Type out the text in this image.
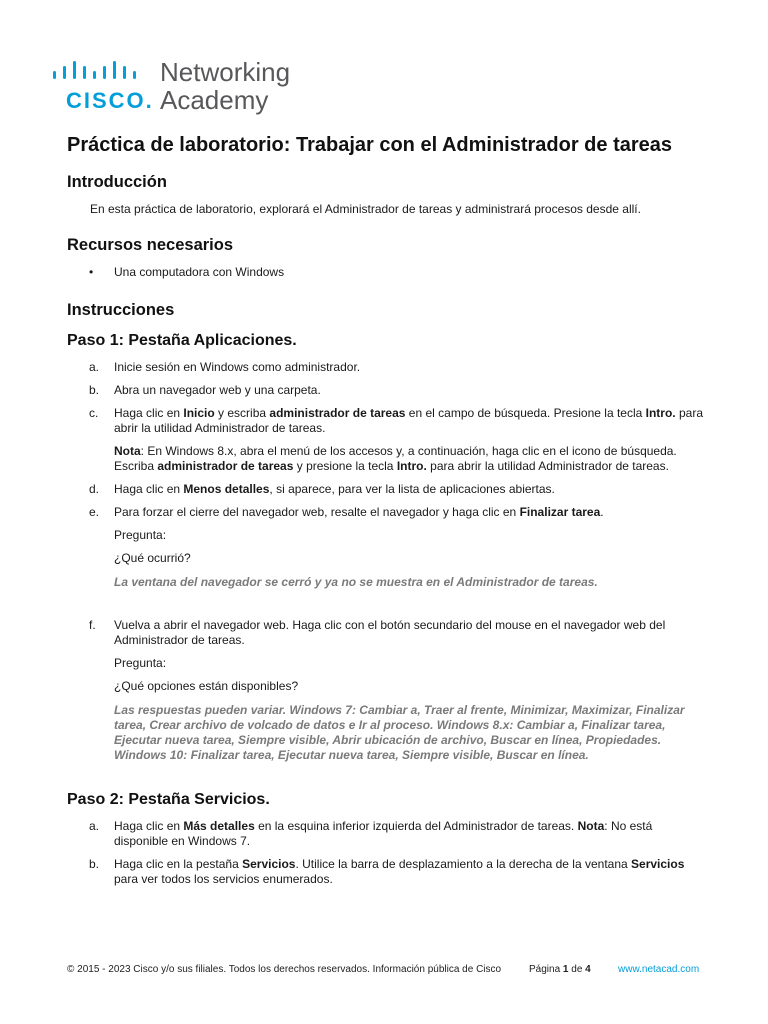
CISCO.
Networking
Academy
Práctica de laboratorio: Trabajar con el Administrador de tareas
Introducción

En esta práctica de laboratorio, explorará el Administrador de tareas y administrará procesos desde allí.

Recursos necesarios
• Una computadora con Windows
Instrucciones
Paso 1: Pestaña Aplicaciones.
a. Inicie sesión en Windows como administrador.
b. Abra un navegador web y una carpeta.
c. Haga clic en Inicio y escriba administrador de tareas en el campo de búsqueda. Presione la tecla Intro. para abrir la utilidad Administrador de tareas.
Nota: En Windows 8.x, abra el menú de los accesos y, a continuación, haga clic en el icono de búsqueda. Escriba administrador de tareas y presione la tecla Intro. para abrir la utilidad Administrador de tareas.
d. Haga clic en Menos detalles, si aparece, para ver la lista de aplicaciones abiertas.
e. Para forzar el cierre del navegador web, resalte el navegador y haga clic en Finalizar tarea.
Pregunta:
¿Qué ocurrió?
La ventana del navegador se cerró y ya no se muestra en el Administrador de tareas.
f. Vuelva a abrir el navegador web. Haga clic con el botón secundario del mouse en el navegador web del Administrador de tareas.
Pregunta:
¿Qué opciones están disponibles?
Las respuestas pueden variar. Windows 7: Cambiar a, Traer al frente, Minimizar, Maximizar, Finalizar tarea, Crear archivo de volcado de datos e Ir al proceso. Windows 8.x: Cambiar a, Finalizar tarea, Ejecutar nueva tarea, Siempre visible, Abrir ubicación de archivo, Buscar en línea, Propiedades. Windows 10: Finalizar tarea, Ejecutar nueva tarea, Siempre visible, Buscar en línea.
Paso 2: Pestaña Servicios.
a. Haga clic en Más detalles en la esquina inferior izquierda del Administrador de tareas. Nota: No está disponible en Windows 7.
b. Haga clic en la pestaña Servicios. Utilice la barra de desplazamiento a la derecha de la ventana Servicios para ver todos los servicios enumerados.
© 2015 - 2023 Cisco y/o sus filiales. Todos los derechos reservados. Información pública de Cisco	Página 1 de 4	www.netacad.com
